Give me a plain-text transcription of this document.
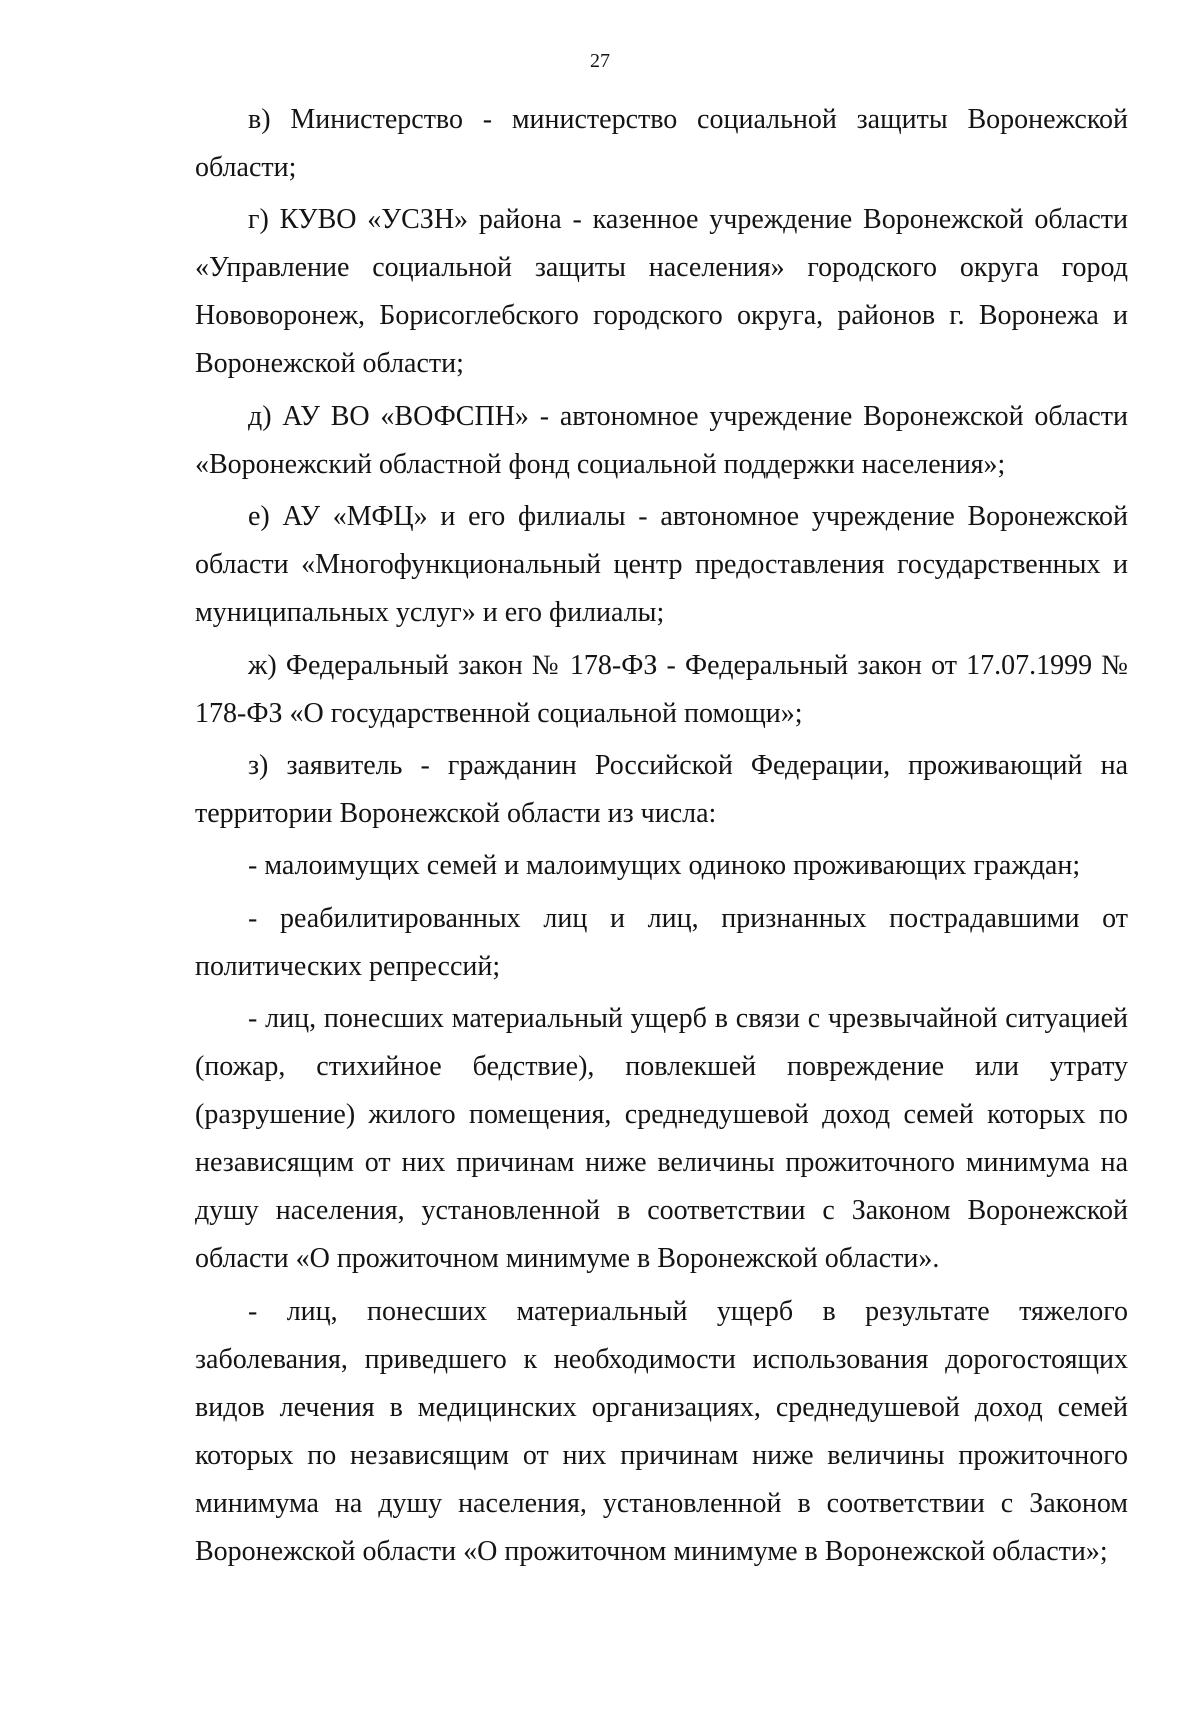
27

в) Министерство - министерство социальной защиты Воронежской области;

г) КУВО «УСЗН» района - казенное учреждение Воронежской области «Управление социальной защиты населения» городского округа город Нововоронеж, Борисоглебского городского округа, районов г. Воронежа и Воронежской области;

д) АУ ВО «ВОФСПН» - автономное учреждение Воронежской области «Воронежский областной фонд социальной поддержки населения»;

е) АУ «МФЦ» и его филиалы - автономное учреждение Воронежской области «Многофункциональный центр предоставления государственных и муниципальных услуг» и его филиалы;

ж) Федеральный закон № 178-ФЗ - Федеральный закон от 17.07.1999 № 178-ФЗ «О государственной социальной помощи»;

з) заявитель - гражданин Российской Федерации, проживающий на территории Воронежской области из числа:

- малоимущих семей и малоимущих одиноко проживающих граждан;

- реабилитированных лиц и лиц, признанных пострадавшими от политических репрессий;

- лиц, понесших материальный ущерб в связи с чрезвычайной ситуацией (пожар, стихийное бедствие), повлекшей повреждение или утрату (разрушение) жилого помещения, среднедушевой доход семей которых по независящим от них причинам ниже величины прожиточного минимума на душу населения, установленной в соответствии с Законом Воронежской области «О прожиточном минимуме в Воронежской области».

- лиц, понесших материальный ущерб в результате тяжелого заболевания, приведшего к необходимости использования дорогостоящих видов лечения в медицинских организациях, среднедушевой доход семей которых по независящим от них причинам ниже величины прожиточного минимума на душу населения, установленной в соответствии с Законом Воронежской области «О прожиточном минимуме в Воронежской области»;
